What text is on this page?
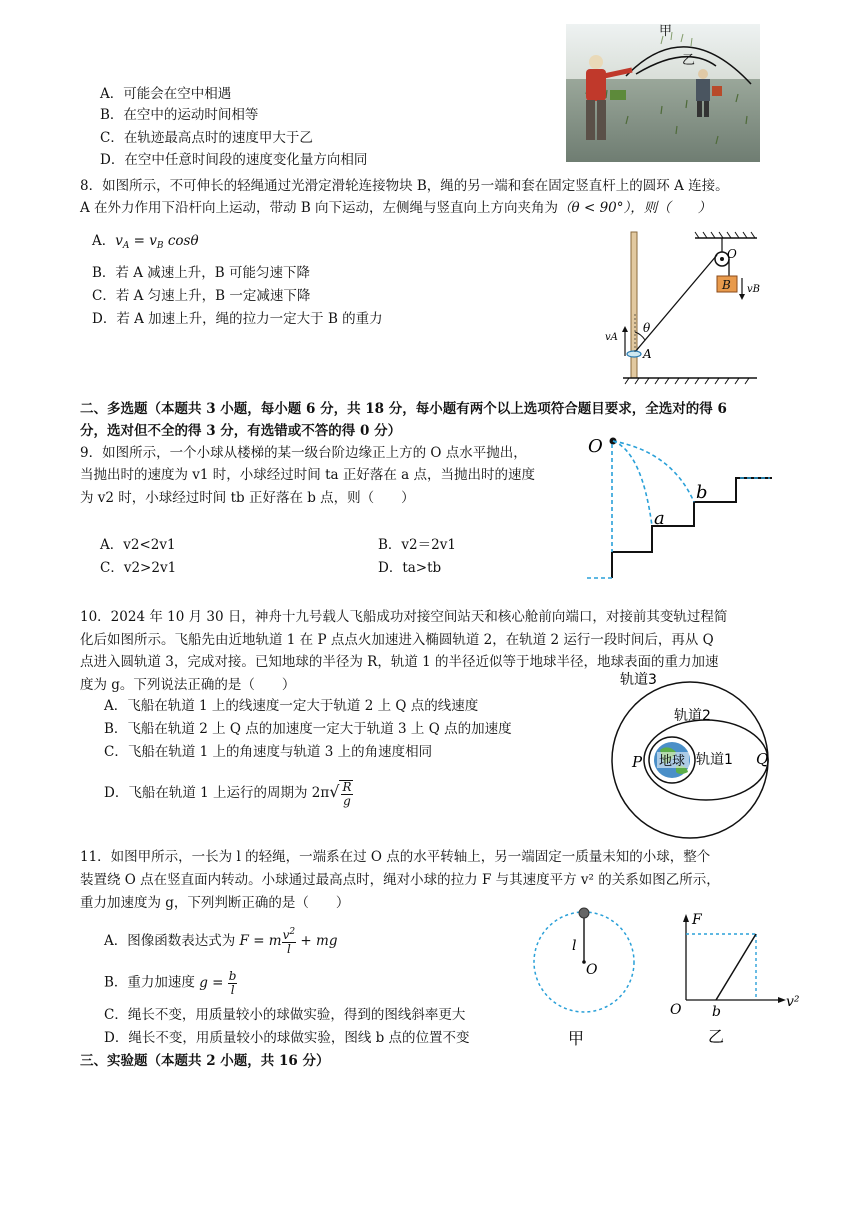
A．可能会在空中相遇
B．在空中的运动时间相等
C．在轨迹最高点时的速度甲大于乙
D．在空中任意时间段的速度变化量方向相同
甲
乙
8．如图所示，不可伸长的轻绳通过光滑定滑轮连接物块 B，绳的另一端和套在固定竖直杆上的圆环 A 连接。
A 在外力作用下沿杆向上运动，带动 B 向下运动，左侧绳与竖直向上方向夹角为（θ < 90°），则（　　）
A．$v_A = v_B$ cosθ
B．若 A 减速上升，B 可能匀速下降
C．若 A 匀速上升，B 一定减速下降
D．若 A 加速上升，绳的拉力一定大于 B 的重力
B
O
vB
vA
θ
A
二、多选题（本题共 3 小题，每小题 6 分，共 18 分，每小题有两个以上选项符合题目要求，全选对的得 6
分，选对但不全的得 3 分，有选错或不答的得 0 分）
9．如图所示，一个小球从楼梯的某一级台阶边缘正上方的 O 点水平抛出，
当抛出时的速度为 v1 时，小球经过时间 ta 正好落在 a 点，当抛出时的速度
为 v2 时，小球经过时间 tb 正好落在 b 点，则（　　）
A．v2<2v1	B．v2＝2v1
C．v2>2v1	D．ta>tb
O
a
b
10．2024 年 10 月 30 日，神舟十九号载人飞船成功对接空间站天和核心舱前向端口，对接前其变轨过程简
化后如图所示。飞船先由近地轨道 1 在 P 点点火加速进入椭圆轨道 2，在轨道 2 运行一段时间后，再从 Q
点进入圆轨道 3，完成对接。已知地球的半径为 R，轨道 1 的半径近似等于地球半径，地球表面的重力加速
度为 g。下列说法正确的是（　　）
A．飞船在轨道 1 上的线速度一定大于轨道 2 上 Q 点的线速度
B．飞船在轨道 2 上 Q 点的加速度一定大于轨道 3 上 Q 点的加速度
C．飞船在轨道 1 上的角速度与轨道 3 上的角速度相同
D．飞船在轨道 1 上运行的周期为 $2\pi√ \frac{R}{g}$
地球
轨道3
轨道2
轨道1
P	Q
11．如图甲所示，一长为 l 的轻绳，一端系在过 O 点的水平转轴上，另一端固定一质量未知的小球，整个
装置绕 O 点在竖直面内转动。小球通过最高点时，绳对小球的拉力 F 与其速度平方 v² 的关系如图乙所示，
重力加速度为 g，下列判断正确的是（　　）
A．图像函数表达式为 F = m $\frac{v^2}{l}$ + mg
B．重力加速度 $g = \frac{b}{l}$
C．绳长不变，用质量较小的球做实验，得到的图线斜率更大
D．绳长不变，用质量较小的球做实验，图线 b 点的位置不变
l
O
甲
F
O b
v²
乙
三、实验题（本题共 2 小题，共 16 分）
